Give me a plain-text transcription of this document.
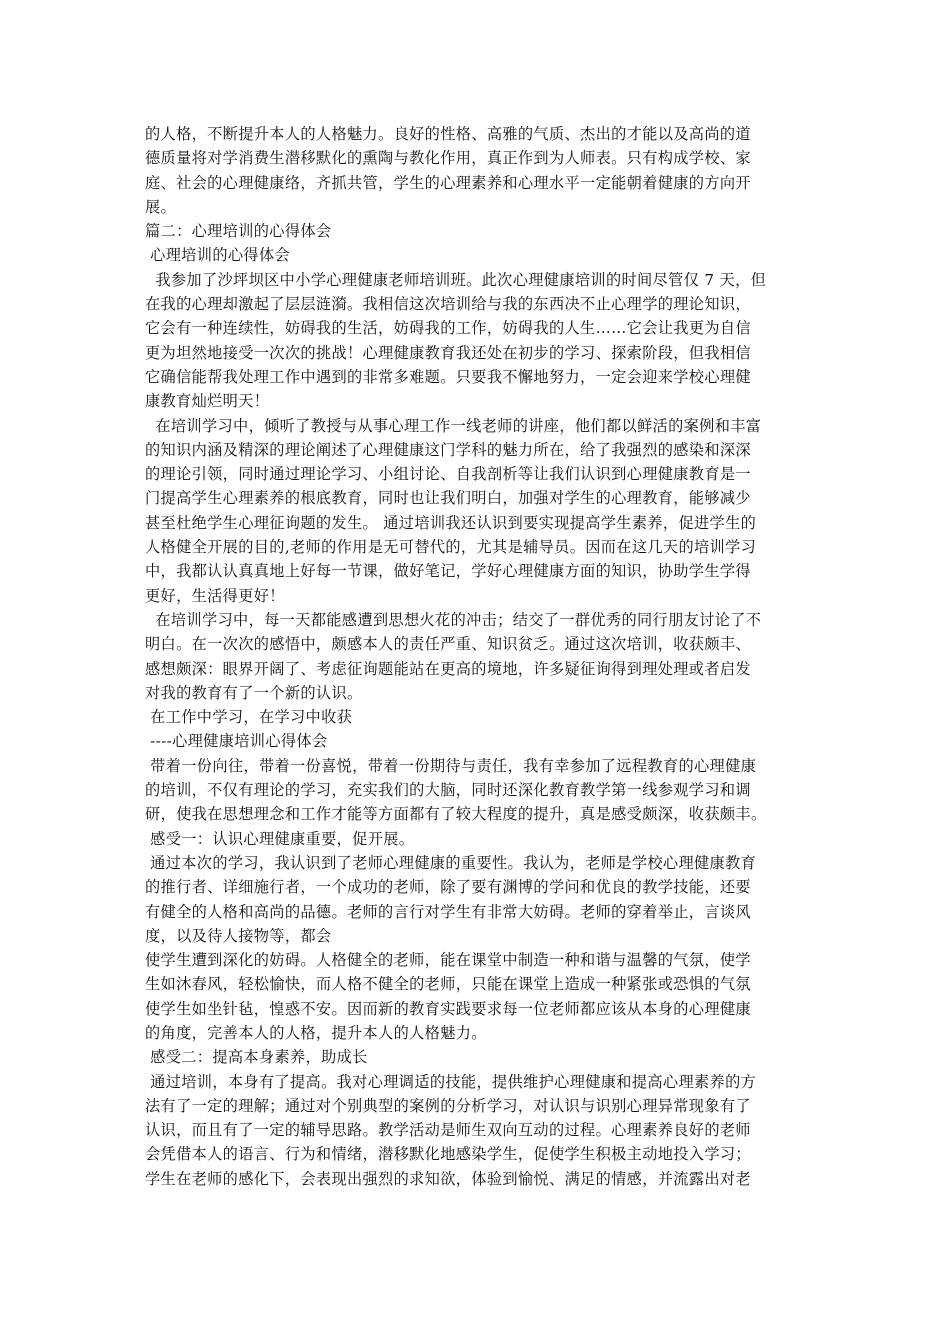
的人格，不断提升本人的人格魅力。良好的性格、高雅的气质、杰出的才能以及高尚的道
德质量将对学消费生潜移默化的熏陶与教化作用，真正作到为人师表。只有构成学校、家
庭、社会的心理健康络，齐抓共管，学生的心理素养和心理水平一定能朝着健康的方向开
展。
篇二：心理培训的心得体会
心理培训的心得体会
我参加了沙坪坝区中小学心理健康老师培训班。此次心理健康培训的时间尽管仅 7 天，但
在我的心理却激起了层层涟漪。我相信这次培训给与我的东西决不止心理学的理论知识，
它会有一种连续性，妨碍我的生活，妨碍我的工作，妨碍我的人生……它会让我更为自信
更为坦然地接受一次次的挑战！心理健康教育我还处在初步的学习、探索阶段，但我相信
它确信能帮我处理工作中遇到的非常多难题。只要我不懈地努力，一定会迎来学校心理健
康教育灿烂明天！
在培训学习中，倾听了教授与从事心理工作一线老师的讲座，他们都以鲜活的案例和丰富
的知识内涵及精深的理论阐述了心理健康这门学科的魅力所在，给了我强烈的感染和深深
的理论引领，同时通过理论学习、小组讨论、自我剖析等让我们认识到心理健康教育是一
门提高学生心理素养的根底教育，同时也让我们明白，加强对学生的心理教育，能够减少
甚至杜绝学生心理征询题的发生。 通过培训我还认识到要实现提高学生素养，促进学生的
人格健全开展的目的,老师的作用是无可替代的，尤其是辅导员。因而在这几天的培训学习
中，我都认认真真地上好每一节课，做好笔记，学好心理健康方面的知识，协助学生学得
更好，生活得更好！
在培训学习中，每一天都能感遭到思想火花的冲击；结交了一群优秀的同行朋友讨论了不
明白。在一次次的感悟中，颇感本人的责任严重、知识贫乏。通过这次培训，收获颇丰、
感想颇深：眼界开阔了、考虑征询题能站在更高的境地，许多疑征询得到理处理或者启发
对我的教育有了一个新的认识。
在工作中学习，在学习中收获
----心理健康培训心得体会
带着一份向往，带着一份喜悦，带着一份期待与责任，我有幸参加了远程教育的心理健康
的培训，不仅有理论的学习，充实我们的大脑，同时还深化教育教学第一线参观学习和调
研，使我在思想理念和工作才能等方面都有了较大程度的提升，真是感受颇深，收获颇丰。
感受一：认识心理健康重要，促开展。
通过本次的学习，我认识到了老师心理健康的重要性。我认为，老师是学校心理健康教育
的推行者、详细施行者，一个成功的老师，除了要有渊博的学问和优良的教学技能，还要
有健全的人格和高尚的品德。老师的言行对学生有非常大妨碍。老师的穿着举止，言谈风
度，以及待人接物等，都会
使学生遭到深化的妨碍。人格健全的老师，能在课堂中制造一种和谐与温馨的气氛，使学
生如沐春风，轻松愉快，而人格不健全的老师，只能在课堂上造成一种紧张或恐惧的气氛
使学生如坐针毡，惶惑不安。因而新的教育实践要求每一位老师都应该从本身的心理健康
的角度，完善本人的人格，提升本人的人格魅力。
感受二：提高本身素养，助成长
通过培训，本身有了提高。我对心理调适的技能，提供维护心理健康和提高心理素养的方
法有了一定的理解；通过对个别典型的案例的分析学习，对认识与识别心理异常现象有了
认识，而且有了一定的辅导思路。教学活动是师生双向互动的过程。心理素养良好的老师
会凭借本人的语言、行为和情绪，潜移默化地感染学生，促使学生积极主动地投入学习；
学生在老师的感化下，会表现出强烈的求知欲，体验到愉悦、满足的情感，并流露出对老
